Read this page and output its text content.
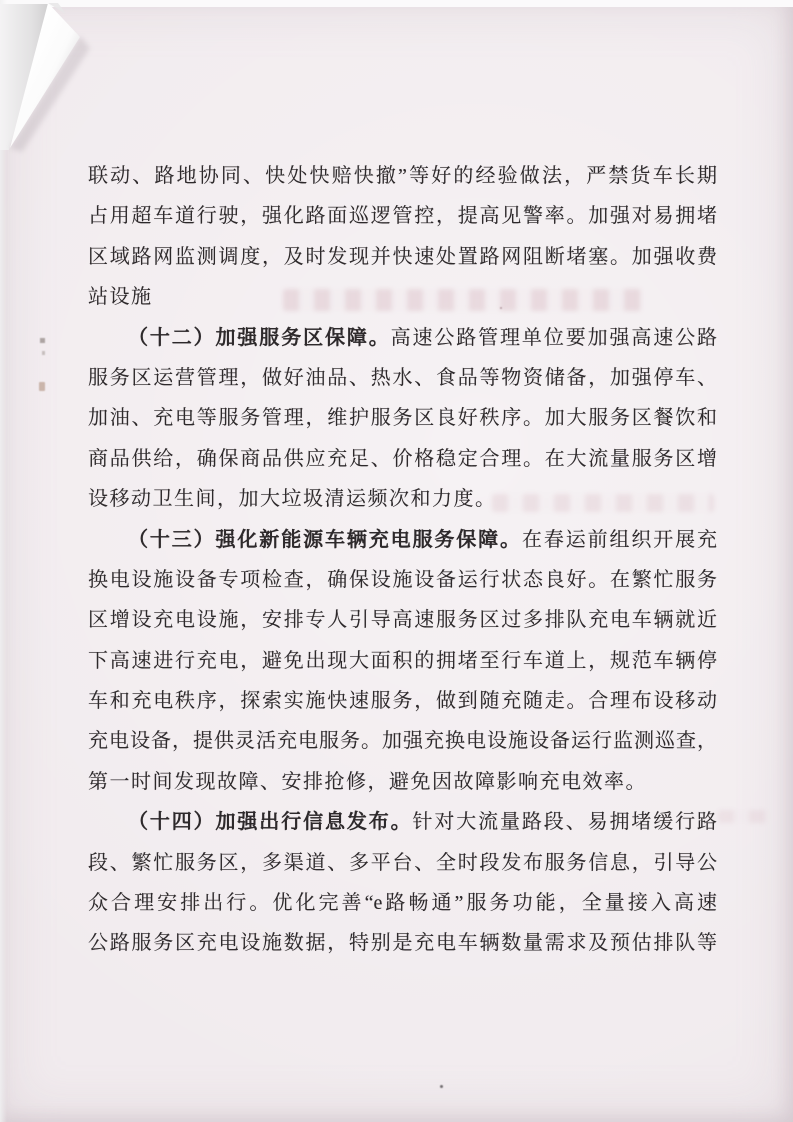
联动、路地协同、快处快赔快撤”等好的经验做法，严禁货车长期
占用超车道行驶，强化路面巡逻管控，提高见警率。加强对易拥堵
区域路网监测调度，及时发现并快速处置路网阻断堵塞。加强收费
站设施
（十二）加强服务区保障。高速公路管理单位要加强高速公路
服务区运营管理，做好油品、热水、食品等物资储备，加强停车、
加油、充电等服务管理，维护服务区良好秩序。加大服务区餐饮和
商品供给，确保商品供应充足、价格稳定合理。在大流量服务区增
设移动卫生间，加大垃圾清运频次和力度。
（十三）强化新能源车辆充电服务保障。在春运前组织开展充
换电设施设备专项检查，确保设施设备运行状态良好。在繁忙服务
区增设充电设施，安排专人引导高速服务区过多排队充电车辆就近
下高速进行充电，避免出现大面积的拥堵至行车道上，规范车辆停
车和充电秩序，探索实施快速服务，做到随充随走。合理布设移动
充电设备，提供灵活充电服务。加强充换电设施设备运行监测巡查，
第一时间发现故障、安排抢修，避免因故障影响充电效率。
（十四）加强出行信息发布。针对大流量路段、易拥堵缓行路
段、繁忙服务区，多渠道、多平台、全时段发布服务信息，引导公
众合理安排出行。优化完善“e路畅通”服务功能，全量接入高速
公路服务区充电设施数据，特别是充电车辆数量需求及预估排队等
